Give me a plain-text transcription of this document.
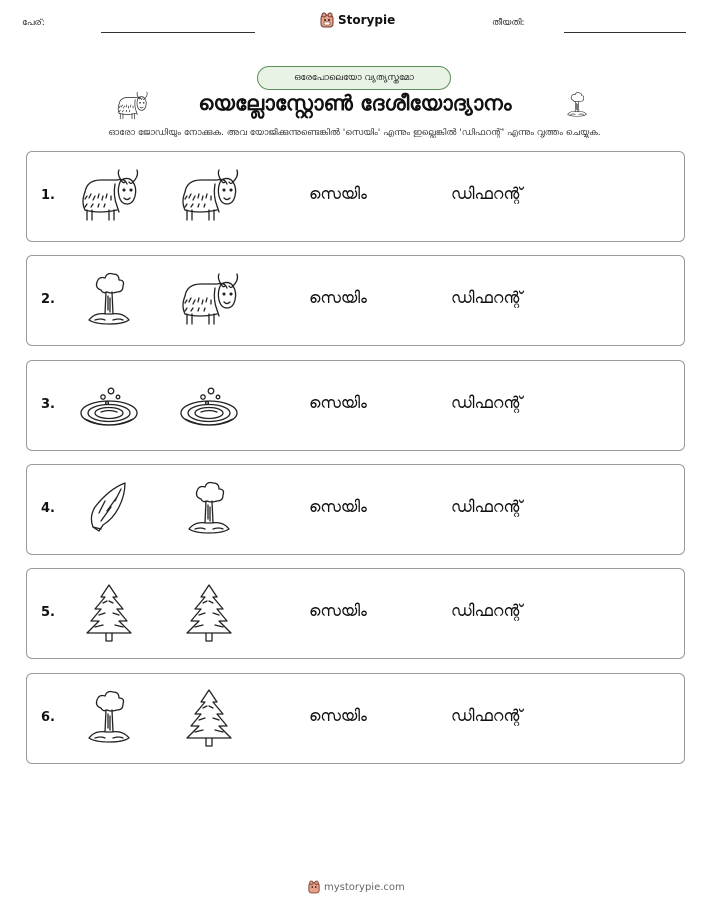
പേര്:	Storypie	തീയതി:
ഒരേപോലെയോ വ്യത്യസ്തമോ
യെല്ലോസ്റ്റോൺ ദേശീയോദ്യാനം
ഓരോ ജോഡിയും നോക്കുക. അവ യോജിക്കുന്നുണ്ടെങ്കിൽ 'സെയിം' എന്നും ഇല്ലെങ്കിൽ 'ഡിഫറന്റ്' എന്നും വൃത്തം ചെയ്യുക.
1.	സെയിം	ഡിഫറന്റ്
2.	സെയിം	ഡിഫറന്റ്
3.	സെയിം	ഡിഫറന്റ്
4.	സെയിം	ഡിഫറന്റ്
5.	സെയിം	ഡിഫറന്റ്
6.	സെയിം	ഡിഫറന്റ്
mystorypie.com
